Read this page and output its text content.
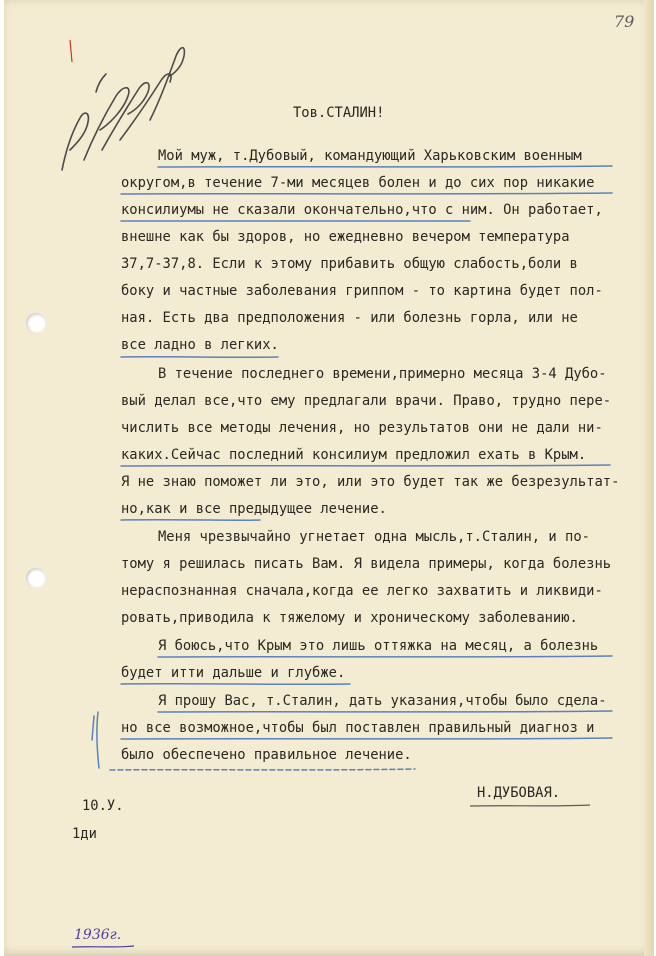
79

Тов.СТАЛИН!

Мой муж, т.Дубовый, командующий Харьковским военным

округом,в течение 7-ми месяцев болен и до сих пор никакие

консилиумы не сказали окончательно,что с ним. Он работает,

внешне как бы здоров, но ежедневно вечером температура

37,7-37,8. Если к этому прибавить общую слабость,боли в

боку и частные заболевания гриппом - то картина будет пол-

ная. Есть два предположения - или болезнь горла, или не

все ладно в легких.

В течение последнего времени,примерно месяца 3-4 Дубо-

вый делал все,что ему предлагали врачи. Право, трудно пере-

числить все методы лечения, но результатов они не дали ни-

каких.Сейчас последний консилиум предложил ехать в Крым.

Я не знаю поможет ли это, или это будет так же безрезультат-

но,как и все предыдущее лечение.

Меня чрезвычайно угнетает одна мысль,т.Сталин, и по-

тому я решилась писать Вам. Я видела примеры, когда болезнь

нераспознанная сначала,когда ее легко захватить и ликвиди-

ровать,приводила к тяжелому и хроническому заболеванию.

Я боюсь,что Крым это лишь оттяжка на месяц, а болезнь

будет итти дальше и глубже.

Я прошу Вас, т.Сталин, дать указания,чтобы было сдела-

но все возможное,чтобы был поставлен правильный диагноз и

было обеспечено правильное лечение.

Н.ДУБОВАЯ.

10.У.

1ди

1936г.
